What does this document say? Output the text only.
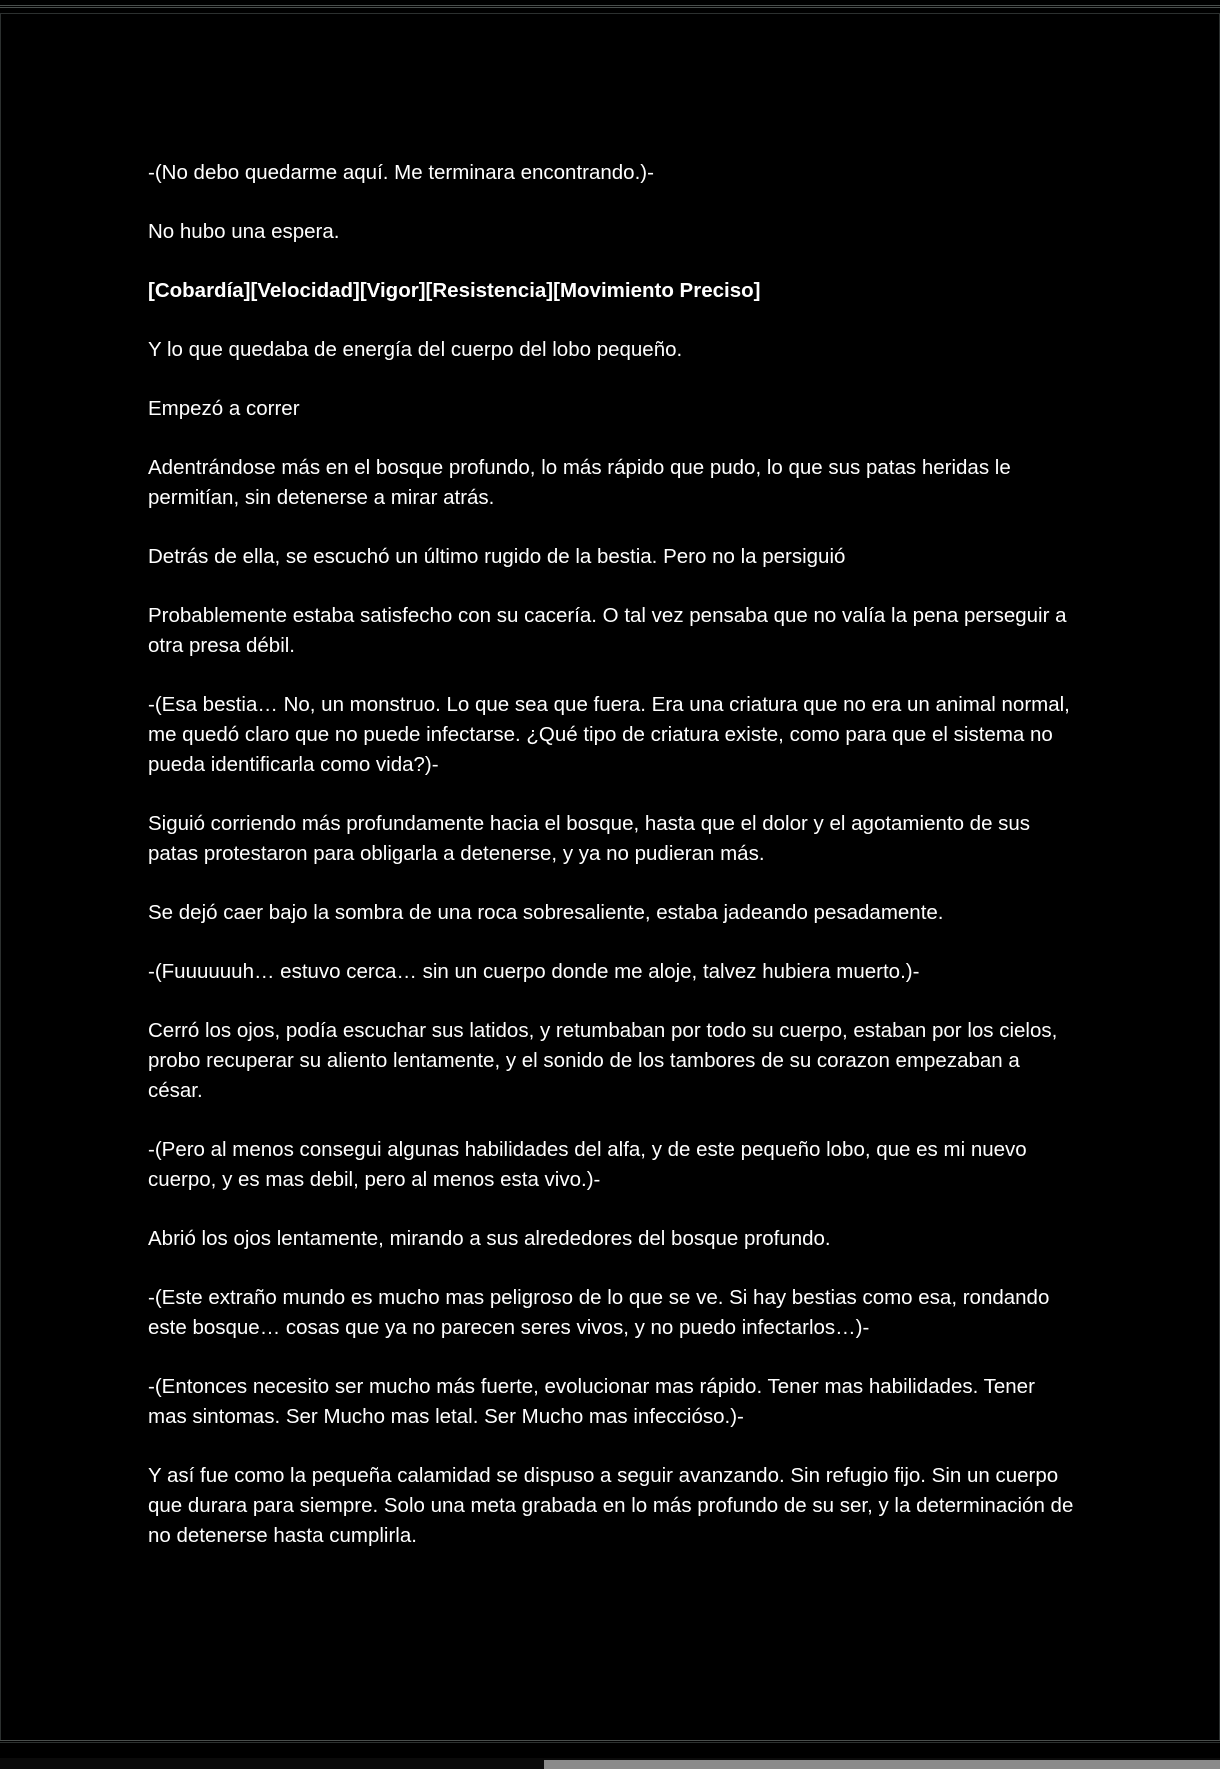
-(No debo quedarme aquí. Me terminara encontrando.)-

No hubo una espera.

[Cobardía][Velocidad][Vigor][Resistencia][Movimiento Preciso]

Y lo que quedaba de energía del cuerpo del lobo pequeño.

Empezó a correr

Adentrándose más en el bosque profundo, lo más rápido que pudo, lo que sus patas heridas le permitían, sin detenerse a mirar atrás.

Detrás de ella, se escuchó un último rugido de la bestia. Pero no la persiguió

Probablemente estaba satisfecho con su cacería. O tal vez pensaba que no valía la pena perseguir a otra presa débil.

-(Esa bestia… No, un monstruo. Lo que sea que fuera. Era una criatura que no era un animal normal, me quedó claro que no puede infectarse. ¿Qué tipo de criatura existe, como para que el sistema no pueda identificarla como vida?)-

Siguió corriendo más profundamente hacia el bosque, hasta que el dolor y el agotamiento de sus patas protestaron para obligarla a detenerse, y ya no pudieran más.

Se dejó caer bajo la sombra de una roca sobresaliente, estaba jadeando pesadamente.

-(Fuuuuuuh… estuvo cerca… sin un cuerpo donde me aloje, talvez hubiera muerto.)-

Cerró los ojos, podía escuchar sus latidos, y retumbaban por todo su cuerpo, estaban por los cielos, probo recuperar su aliento lentamente, y el sonido de los tambores de su corazon empezaban a césar.

-(Pero al menos consegui algunas habilidades del alfa, y de este pequeño lobo, que es mi nuevo cuerpo, y es mas debil, pero al menos esta vivo.)-

Abrió los ojos lentamente, mirando a sus alrededores del bosque profundo.

-(Este extraño mundo es mucho mas peligroso de lo que se ve. Si hay bestias como esa, rondando este bosque… cosas que ya no parecen seres vivos, y no puedo infectarlos…)-

-(Entonces necesito ser mucho más fuerte, evolucionar mas rápido. Tener mas habilidades. Tener mas sintomas. Ser Mucho mas letal. Ser Mucho mas infeccióso.)-

Y así fue como la pequeña calamidad se dispuso a seguir avanzando. Sin refugio fijo. Sin un cuerpo que durara para siempre. Solo una meta grabada en lo más profundo de su ser, y la determinación de no detenerse hasta cumplirla.
